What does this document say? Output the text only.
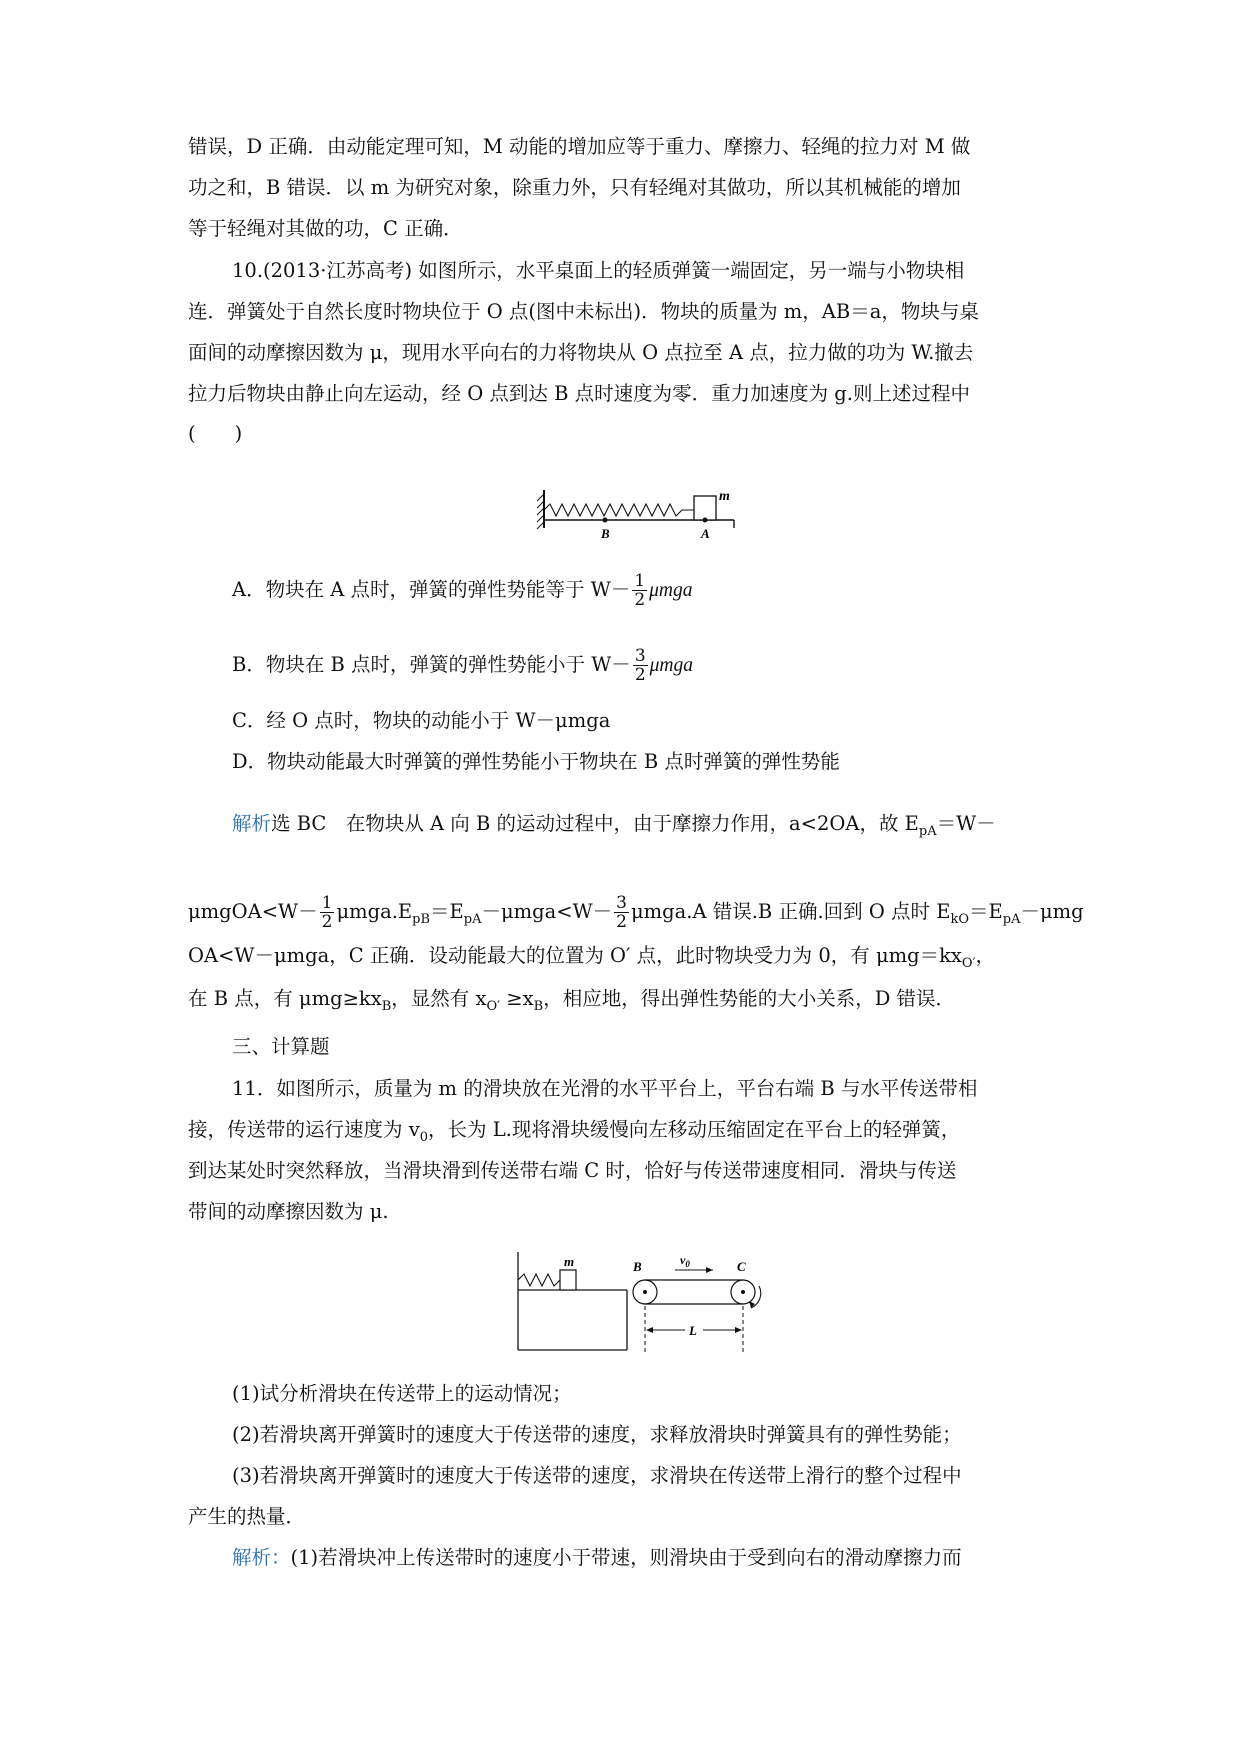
错误，D 正确．由动能定理可知，M 动能的增加应等于重力、摩擦力、轻绳的拉力对 M 做
功之和，B 错误．以 m 为研究对象，除重力外，只有轻绳对其做功，所以其机械能的增加
等于轻绳对其做的功，C 正确．
10.(2013·江苏高考) 如图所示，水平桌面上的轻质弹簧一端固定，另一端与小物块相
连．弹簧处于自然长度时物块位于 O 点(图中未标出)．物块的质量为 m，AB＝a，物块与桌
面间的动摩擦因数为 μ，现用水平向右的力将物块从 O 点拉至 A 点，拉力做的功为 W.撤去
拉力后物块由静止向左运动，经 O 点到达 B 点时速度为零．重力加速度为 g.则上述过程中
(　　)
m
B	A
A．物块在 A 点时，弹簧的弹性势能等于 $W- \frac{1}{2}$ μmga
B．物块在 B 点时，弹簧的弹性势能小于 $W- \frac{3}{2}$ μmga
C．经 O 点时，物块的动能小于 W－μmga
D．物块动能最大时弹簧的弹性势能小于物块在 B 点时弹簧的弹性势能
解析选 BC　在物块从 A 向 B 的运动过程中，由于摩擦力作用，a<2OA，故 $E_{pA}=W-$
μmgOA<W－ $\frac{1}{2} \mu mga.E_{pB}=E_{pA}-\mu mga<W- \frac{3}{2} \mu mga.A$ 错误.B 正确.回到 O 点时 $E_{kO}=E_{pA}-\mu mg$
OA<W－μmga，C 正确．设动能最大的位置为 O′ 点，此时物块受力为 0，有 $\mu mg=kx_{O'}$，
在 B 点，有 $\mu mg\ge kx_B$，显然有 $x_{O'} \ge x_B$，相应地，得出弹性势能的大小关系，D 错误．
三、计算题
11．如图所示，质量为 m 的滑块放在光滑的水平平台上，平台右端 B 与水平传送带相
接，传送带的运行速度为 $v_0$，长为 L.现将滑块缓慢向左移动压缩固定在平台上的轻弹簧，
到达某处时突然释放，当滑块滑到传送带右端 C 时，恰好与传送带速度相同．滑块与传送
带间的动摩擦因数为 μ.
m	$v_0$
B	C
L
(1)试分析滑块在传送带上的运动情况；
(2)若滑块离开弹簧时的速度大于传送带的速度，求释放滑块时弹簧具有的弹性势能；
(3)若滑块离开弹簧时的速度大于传送带的速度，求滑块在传送带上滑行的整个过程中
产生的热量．
解析：(1)若滑块冲上传送带时的速度小于带速，则滑块由于受到向右的滑动摩擦力而
